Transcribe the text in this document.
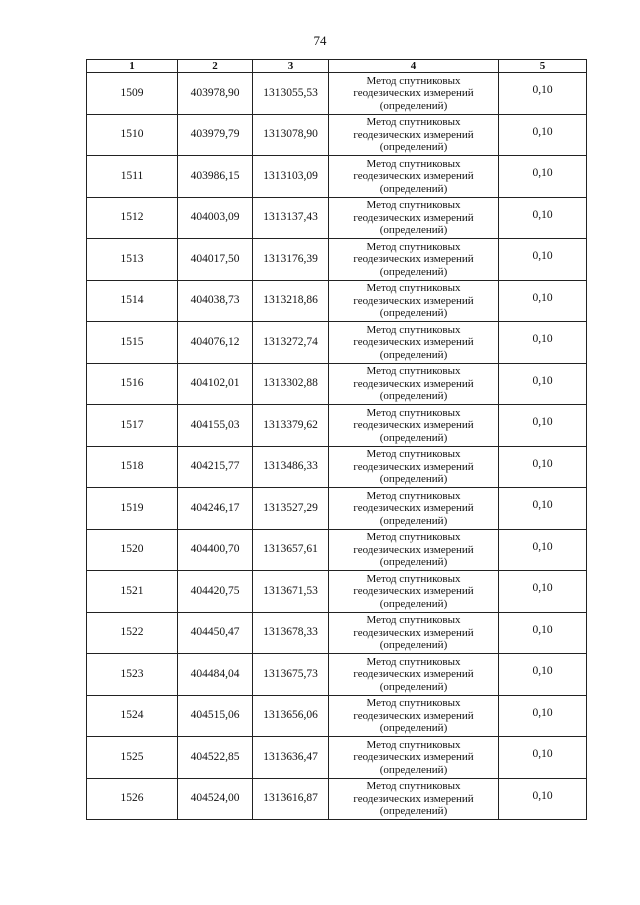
74
1	2	3	4	5
1509	403978,90	1313055,53	Метод спутниковых
геодезических измерений
(определений)	0,10
1510	403979,79	1313078,90	Метод спутниковых
геодезических измерений
(определений)	0,10
1511	403986,15	1313103,09	Метод спутниковых
геодезических измерений
(определений)	0,10
1512	404003,09	1313137,43	Метод спутниковых
геодезических измерений
(определений)	0,10
1513	404017,50	1313176,39	Метод спутниковых
геодезических измерений
(определений)	0,10
1514	404038,73	1313218,86	Метод спутниковых
геодезических измерений
(определений)	0,10
1515	404076,12	1313272,74	Метод спутниковых
геодезических измерений
(определений)	0,10
1516	404102,01	1313302,88	Метод спутниковых
геодезических измерений
(определений)	0,10
1517	404155,03	1313379,62	Метод спутниковых
геодезических измерений
(определений)	0,10
1518	404215,77	1313486,33	Метод спутниковых
геодезических измерений
(определений)	0,10
1519	404246,17	1313527,29	Метод спутниковых
геодезических измерений
(определений)	0,10
1520	404400,70	1313657,61	Метод спутниковых
геодезических измерений
(определений)	0,10
1521	404420,75	1313671,53	Метод спутниковых
геодезических измерений
(определений)	0,10
1522	404450,47	1313678,33	Метод спутниковых
геодезических измерений
(определений)	0,10
1523	404484,04	1313675,73	Метод спутниковых
геодезических измерений
(определений)	0,10
1524	404515,06	1313656,06	Метод спутниковых
геодезических измерений
(определений)	0,10
1525	404522,85	1313636,47	Метод спутниковых
геодезических измерений
(определений)	0,10
1526	404524,00	1313616,87	Метод спутниковых
геодезических измерений
(определений)	0,10
